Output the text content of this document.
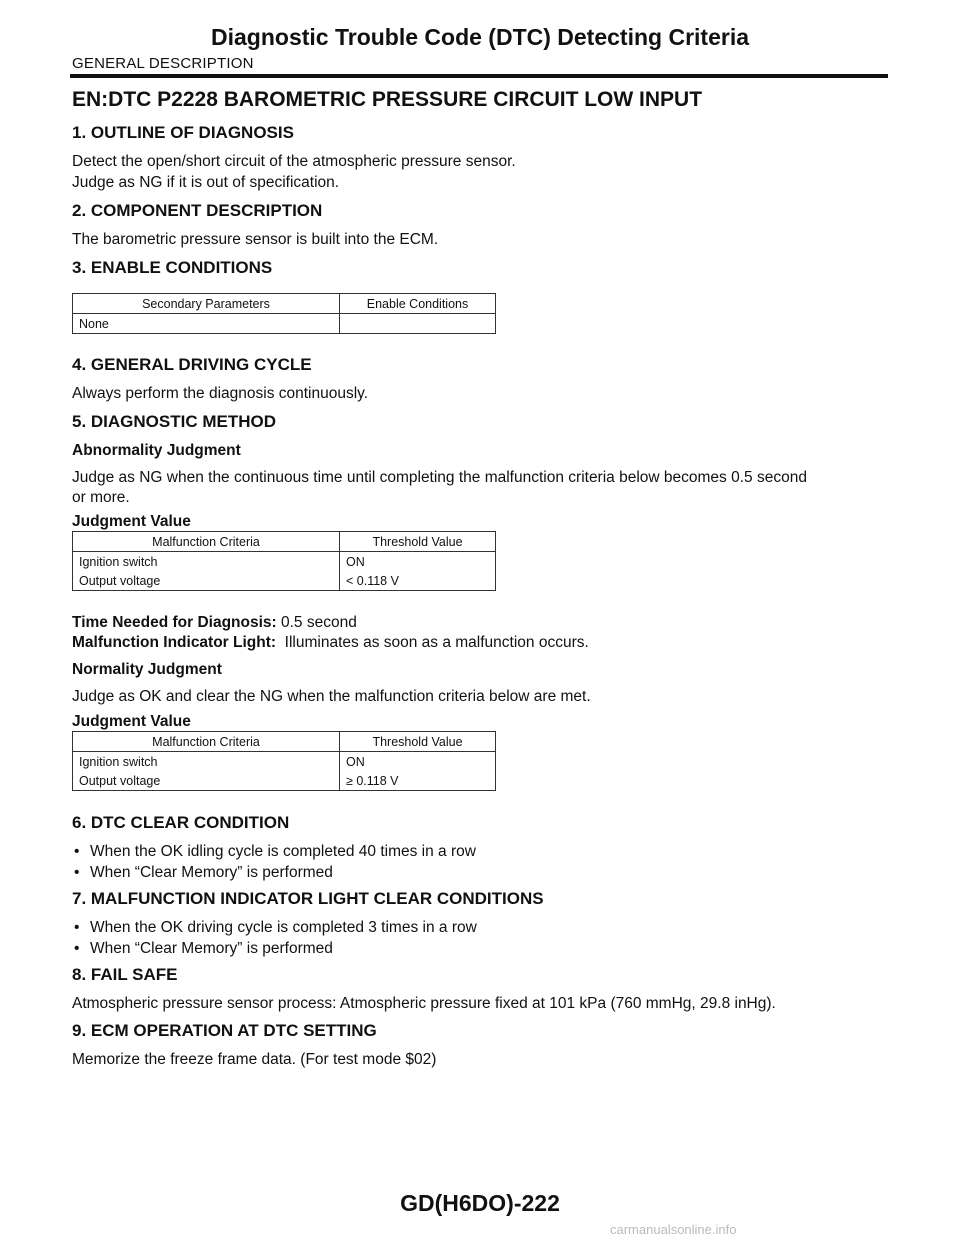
Diagnostic Trouble Code (DTC) Detecting Criteria
GENERAL DESCRIPTION
EN:DTC P2228 BAROMETRIC PRESSURE CIRCUIT LOW INPUT
1. OUTLINE OF DIAGNOSIS
Detect the open/short circuit of the atmospheric pressure sensor.
Judge as NG if it is out of specification.
2. COMPONENT DESCRIPTION
The barometric pressure sensor is built into the ECM.
3. ENABLE CONDITIONS
Secondary Parameters	Enable Conditions
None	
4. GENERAL DRIVING CYCLE
Always perform the diagnosis continuously.
5. DIAGNOSTIC METHOD
Abnormality Judgment
Judge as NG when the continuous time until completing the malfunction criteria below becomes 0.5 second
or more.
Judgment Value
Malfunction Criteria	Threshold Value
Ignition switch	ON
Output voltage	< 0.118 V
Time Needed for Diagnosis: 0.5 second
Malfunction Indicator Light:  Illuminates as soon as a malfunction occurs.
Normality Judgment
Judge as OK and clear the NG when the malfunction criteria below are met.
Judgment Value
Malfunction Criteria	Threshold Value
Ignition switch	ON
Output voltage	≥ 0.118 V
6. DTC CLEAR CONDITION
• When the OK idling cycle is completed 40 times in a row
• When “Clear Memory” is performed
7. MALFUNCTION INDICATOR LIGHT CLEAR CONDITIONS
• When the OK driving cycle is completed 3 times in a row
• When “Clear Memory” is performed
8. FAIL SAFE
Atmospheric pressure sensor process: Atmospheric pressure fixed at 101 kPa (760 mmHg, 29.8 inHg).
9. ECM OPERATION AT DTC SETTING
Memorize the freeze frame data. (For test mode $02)
GD(H6DO)-222
carmanualsonline.info
